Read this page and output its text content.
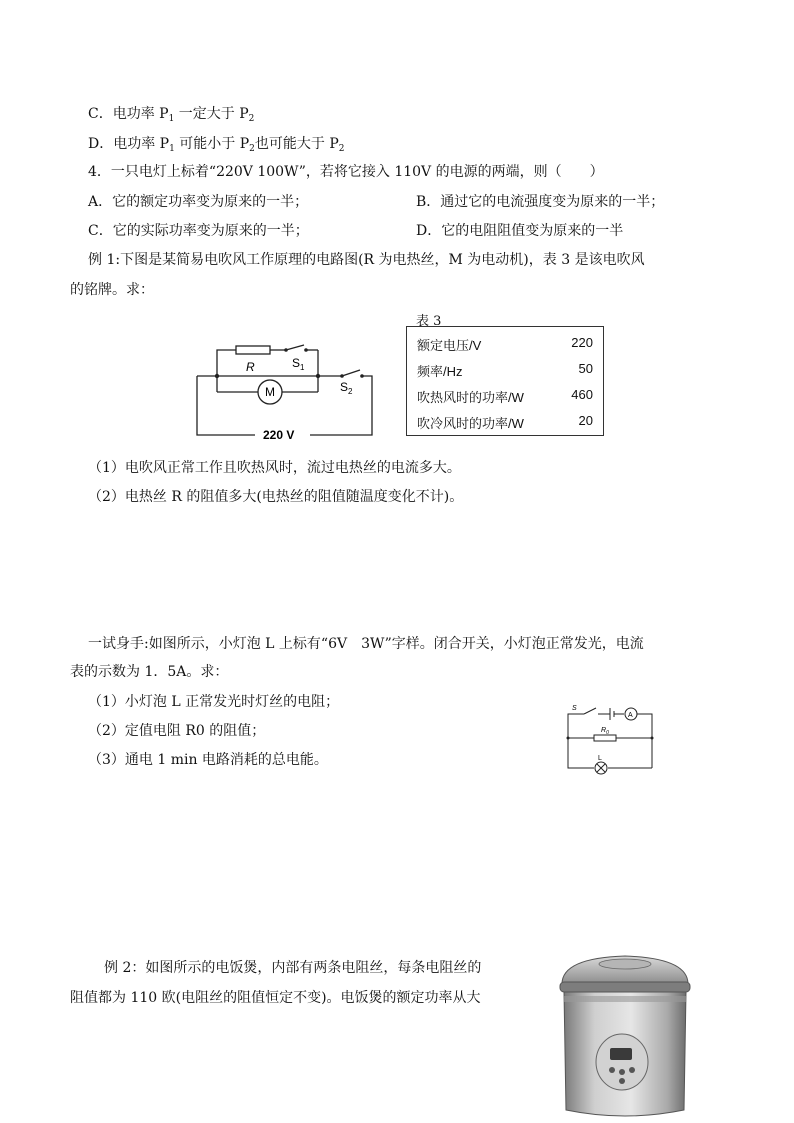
C．电功率 $P_1$ 一定大于 $P_2$
D．电功率 $P_1$ 可能小于 $P_2$也可能大于 $P_2$
4．一只电灯上标着“220V 100W”，若将它接入 110V 的电源的两端，则（　　）
A．它的额定功率变为原来的一半；	B．通过它的电流强度变为原来的一半；
C．它的实际功率变为原来的一半；	D．它的电阻阻值变为原来的一半
例 1:下图是某简易电吹风工作原理的电路图(R 为电热丝，M 为电动机)，表 3 是该电吹风
的铭牌。求：
R	$S_1$
$S_2$
M
220 V
表 3
额定电压/V	220
频率/Hz	50
吹热风时的功率/W	460
吹冷风时的功率/W	20
（1）电吹风正常工作且吹热风时，流过电热丝的电流多大。
（2）电热丝 R 的阻值多大(电热丝的阻值随温度变化不计)。
一试身手:如图所示，小灯泡 L 上标有“6V　3W”字样。闭合开关，小灯泡正常发光，电流
表的示数为 1．5A。求：
（1）小灯泡 L 正常发光时灯丝的电阻；
（2）定值电阻 R0 的阻值；
（3）通电 1 min 电路消耗的总电能。
S
A
$R_0$
L
例 2：如图所示的电饭煲，内部有两条电阻丝，每条电阻丝的
阻值都为 110 欧(电阻丝的阻值恒定不变)。电饭煲的额定功率从大
